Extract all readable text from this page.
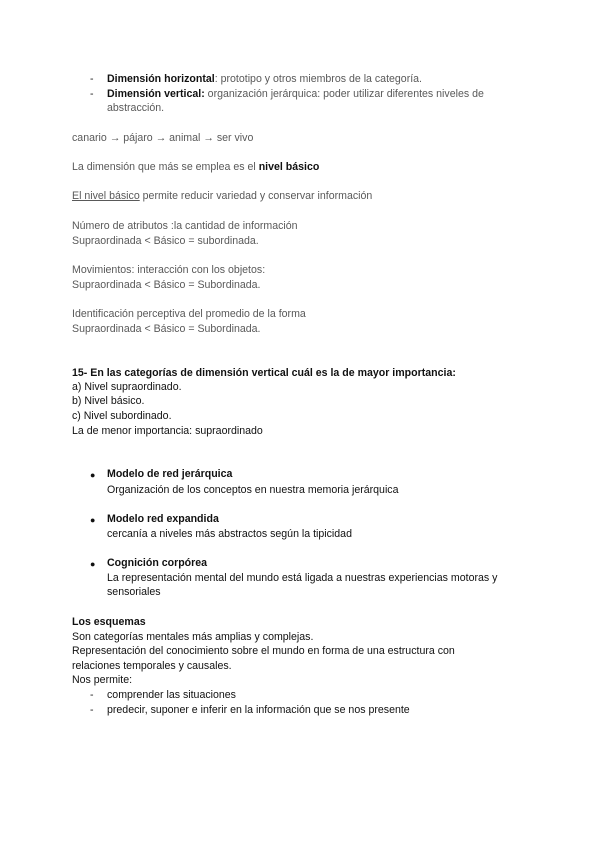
- Dimensión horizontal: prototipo y otros miembros de la categoría.
- Dimensión vertical: organización jerárquica: poder utilizar diferentes niveles de
abstracción.
canario → pájaro → animal → ser vivo
La dimensión que más se emplea es el nivel básico
El nivel básico permite reducir variedad y conservar información
Número de atributos :la cantidad de información
Supraordinada < Básico = subordinada.
Movimientos: interacción con los objetos:
Supraordinada < Básico = Subordinada.
Identificación perceptiva del promedio de la forma
Supraordinada < Básico = Subordinada.
15- En las categorías de dimensión vertical cuál es la de mayor importancia:
a) Nivel supraordinado.
b) Nivel básico.
c) Nivel subordinado.
La de menor importancia: supraordinado
● Modelo de red jerárquica
Organización de los conceptos en nuestra memoria jerárquica
● Modelo red expandida
cercanía a niveles más abstractos según la tipicidad
● Cognición corpórea
La representación mental del mundo está ligada a nuestras experiencias motoras y
sensoriales
Los esquemas
Son categorías mentales más amplias y complejas.
Representación del conocimiento sobre el mundo en forma de una estructura con
relaciones temporales y causales.
Nos permite:
- comprender las situaciones
- predecir, suponer e inferir en la información que se nos presente
